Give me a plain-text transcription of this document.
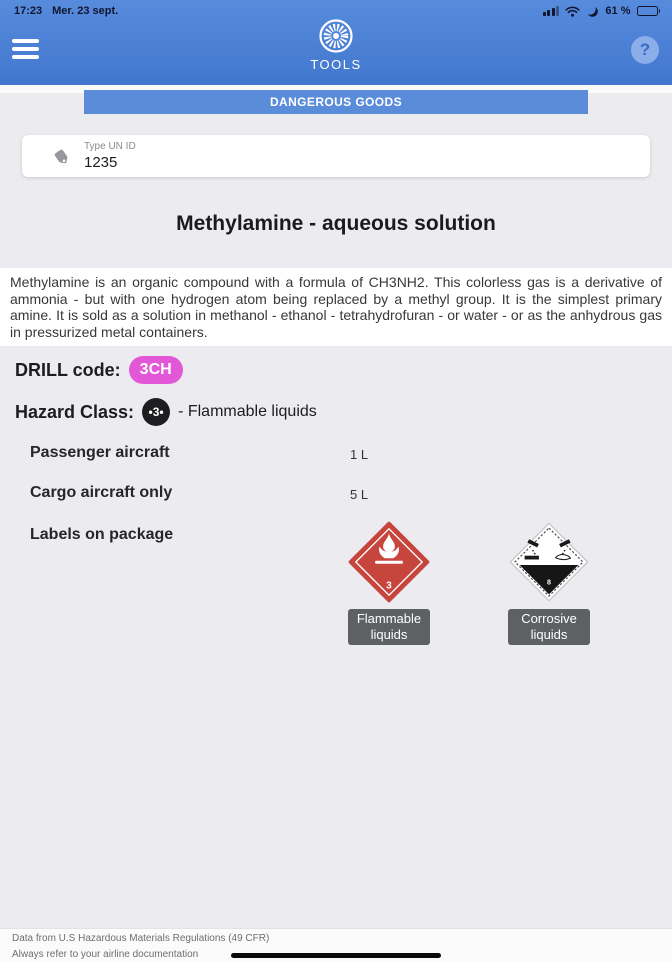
17:23 Mer. 23 sept.	61 %
TOOLS
?
DANGEROUS GOODS
Type UN ID
1235
Methylamine - aqueous solution
Methylamine is an organic compound with a formula of CH3NH2. This colorless gas is a derivative of ammonia - but with one hydrogen atom being replaced by a methyl group. It is the simplest primary amine. It is sold as a solution in methanol - ethanol - tetrahydrofuran - or water - or as the anhydrous gas in pressurized metal containers.
DRILL code:	3CH
Hazard Class:	•3• - Flammable liquids
Passenger aircraft	1 L
Cargo aircraft only	5 L
Labels on package
3
Flammable liquids
8
Corrosive liquids
Data from U.S Hazardous Materials Regulations (49 CFR)
Always refer to your airline documentation
